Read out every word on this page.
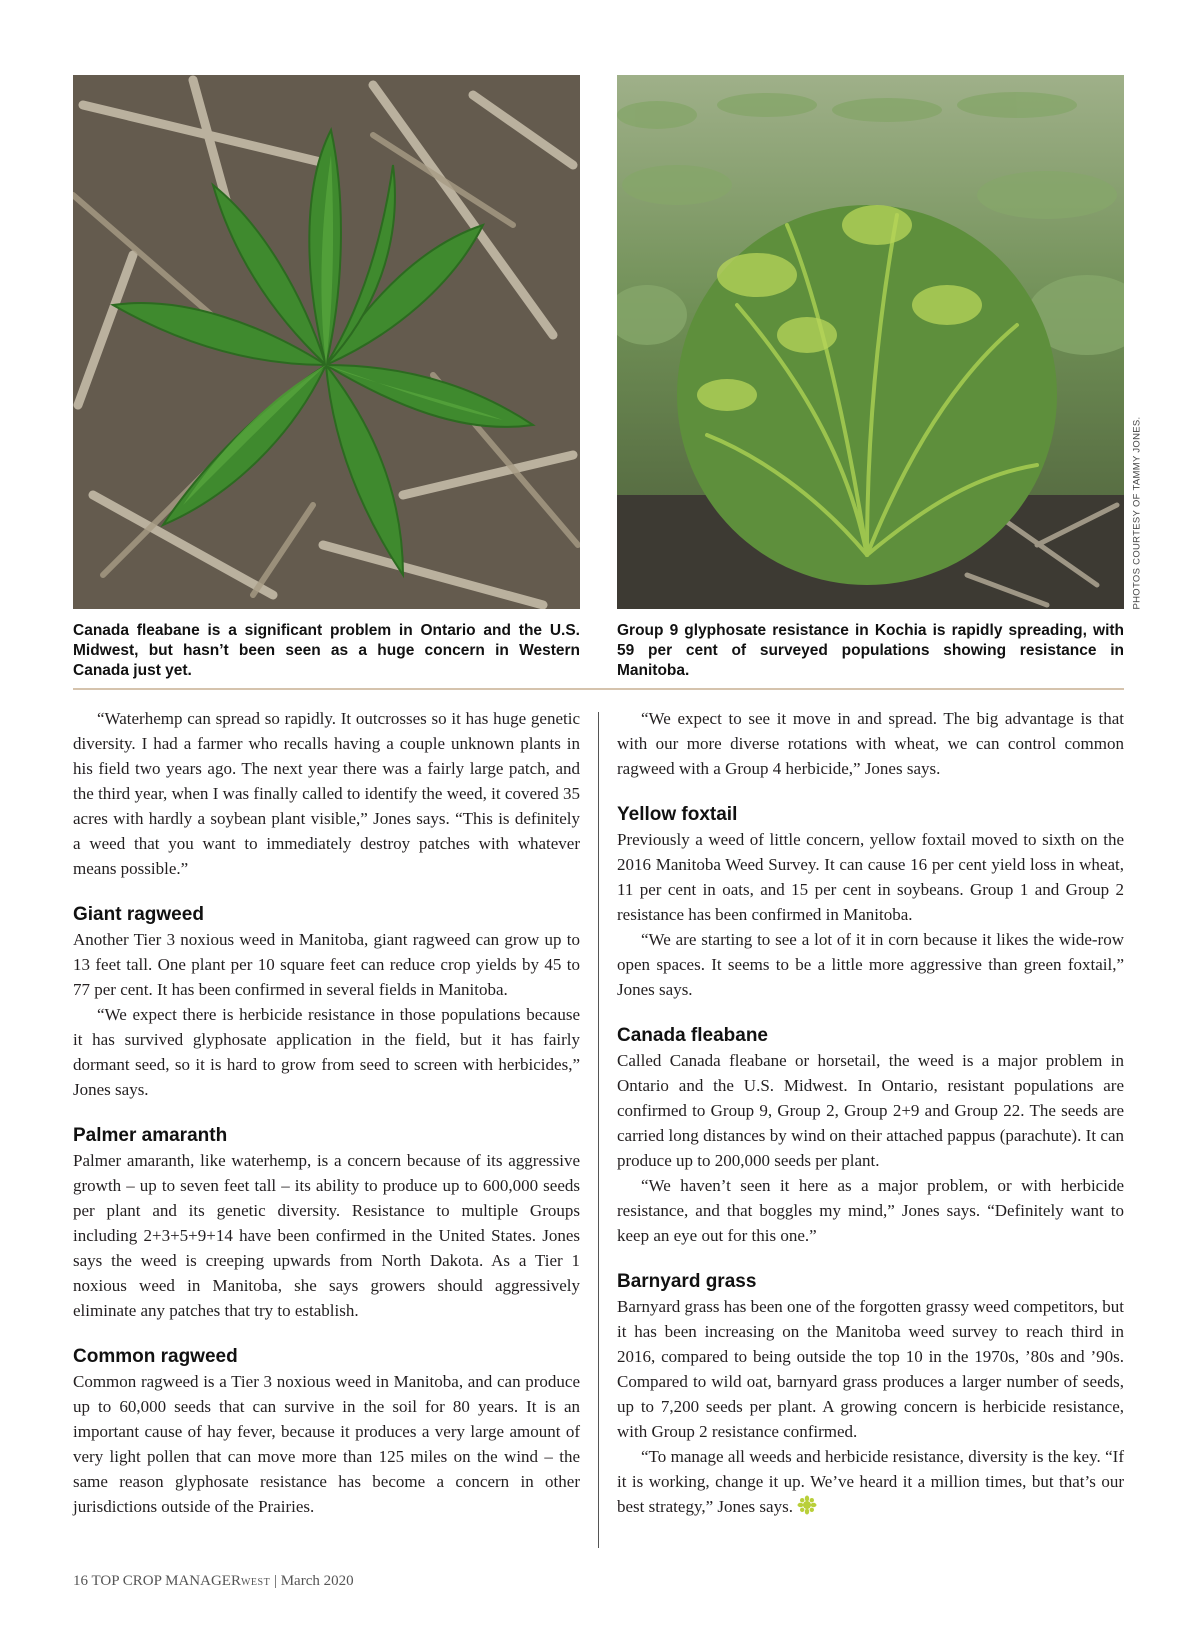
PHOTOS COURTESY OF TAMMY JONES.
Canada fleabane is a significant problem in Ontario and the U.S. Midwest, but hasn’t been seen as a huge concern in Western Canada just yet.
Group 9 glyphosate resistance in Kochia is rapidly spreading, with 59 per cent of surveyed populations showing resistance in Manitoba.

“Waterhemp can spread so rapidly. It outcrosses so it has huge genetic diversity. I had a farmer who recalls having a couple unknown plants in his field two years ago. The next year there was a fairly large patch, and the third year, when I was finally called to identify the weed, it covered 35 acres with hardly a soybean plant visible,” Jones says. “This is definitely a weed that you want to immediately destroy patches with whatever means possible.”

Giant ragweed

Another Tier 3 noxious weed in Manitoba, giant ragweed can grow up to 13 feet tall. One plant per 10 square feet can reduce crop yields by 45 to 77 per cent. It has been confirmed in several fields in Manitoba.

“We expect there is herbicide resistance in those populations because it has survived glyphosate application in the field, but it has fairly dormant seed, so it is hard to grow from seed to screen with herbicides,” Jones says.

Palmer amaranth

Palmer amaranth, like waterhemp, is a concern because of its aggressive growth – up to seven feet tall – its ability to produce up to 600,000 seeds per plant and its genetic diversity. Resistance to multiple Groups including 2+3+5+9+14 have been confirmed in the United States. Jones says the weed is creeping upwards from North Dakota. As a Tier 1 noxious weed in Manitoba, she says growers should aggressively eliminate any patches that try to establish.

Common ragweed

Common ragweed is a Tier 3 noxious weed in Manitoba, and can produce up to 60,000 seeds that can survive in the soil for 80 years. It is an important cause of hay fever, because it produces a very large amount of very light pollen that can move more than 125 miles on the wind – the same reason glyphosate resistance has become a concern in other jurisdictions outside of the Prairies.

“We expect to see it move in and spread. The big advantage is that with our more diverse rotations with wheat, we can control common ragweed with a Group 4 herbicide,” Jones says.

Yellow foxtail

Previously a weed of little concern, yellow foxtail moved to sixth on the 2016 Manitoba Weed Survey. It can cause 16 per cent yield loss in wheat, 11 per cent in oats, and 15 per cent in soybeans. Group 1 and Group 2 resistance has been confirmed in Manitoba.

“We are starting to see a lot of it in corn because it likes the wide-row open spaces. It seems to be a little more aggressive than green foxtail,” Jones says.

Canada fleabane

Called Canada fleabane or horsetail, the weed is a major problem in Ontario and the U.S. Midwest. In Ontario, resistant populations are confirmed to Group 9, Group 2, Group 2+9 and Group 22. The seeds are carried long distances by wind on their attached pappus (parachute). It can produce up to 200,000 seeds per plant.

“We haven’t seen it here as a major problem, or with herbicide resistance, and that boggles my mind,” Jones says. “Definitely want to keep an eye out for this one.”

Barnyard grass

Barnyard grass has been one of the forgotten grassy weed competitors, but it has been increasing on the Manitoba weed survey to reach third in 2016, compared to being outside the top 10 in the 1970s, ’80s and ’90s. Compared to wild oat, barnyard grass produces a larger number of seeds, up to 7,200 seeds per plant. A growing concern is herbicide resistance, with Group 2 resistance confirmed.

“To manage all weeds and herbicide resistance, diversity is the key. “If it is working, change it up. We’ve heard it a million times, but that’s our best strategy,” Jones says.

16 TOP CROP MANAGERWEST | March 2020
